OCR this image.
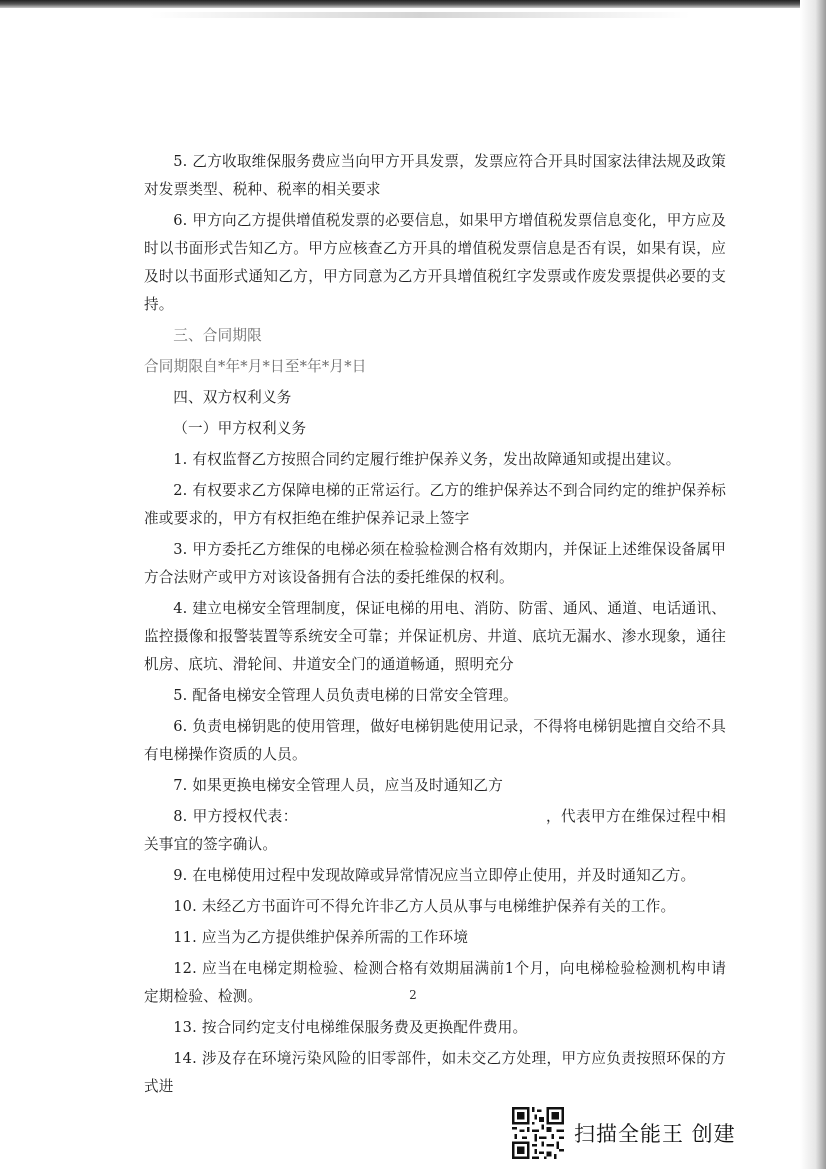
5. 乙方收取维保服务费应当向甲方开具发票，发票应符合开具时国家法律法规及政策对发票类型、税种、税率的相关要求

6. 甲方向乙方提供增值税发票的必要信息，如果甲方增值税发票信息变化，甲方应及时以书面形式告知乙方。甲方应核查乙方开具的增值税发票信息是否有误，如果有误，应及时以书面形式通知乙方，甲方同意为乙方开具增值税红字发票或作废发票提供必要的支持。

三、合同期限

合同期限自*年*月*日至*年*月*日

四、双方权利义务

（一）甲方权利义务

1. 有权监督乙方按照合同约定履行维护保养义务，发出故障通知或提出建议。

2. 有权要求乙方保障电梯的正常运行。乙方的维护保养达不到合同约定的维护保养标准或要求的，甲方有权拒绝在维护保养记录上签字

3. 甲方委托乙方维保的电梯必须在检验检测合格有效期内，并保证上述维保设备属甲方合法财产或甲方对该设备拥有合法的委托维保的权利。

4. 建立电梯安全管理制度，保证电梯的用电、消防、防雷、通风、通道、电话通讯、监控摄像和报警装置等系统安全可靠；并保证机房、井道、底坑无漏水、渗水现象，通往机房、底坑、滑轮间、井道安全门的通道畅通，照明充分

5. 配备电梯安全管理人员负责电梯的日常安全管理。

6. 负责电梯钥匙的使用管理，做好电梯钥匙使用记录，不得将电梯钥匙擅自交给不具有电梯操作资质的人员。

7. 如果更换电梯安全管理人员，应当及时通知乙方

8. 甲方授权代表：	，代表甲方在维保过程中相关事宜的签字确认。

9. 在电梯使用过程中发现故障或异常情况应当立即停止使用，并及时通知乙方。

10. 未经乙方书面许可不得允许非乙方人员从事与电梯维护保养有关的工作。

11. 应当为乙方提供维护保养所需的工作环境

12. 应当在电梯定期检验、检测合格有效期届满前1个月，向电梯检验检测机构申请定期检验、检测。

13. 按合同约定支付电梯维保服务费及更换配件费用。

14. 涉及存在环境污染风险的旧零部件，如未交乙方处理，甲方应负责按照环保的方式进

2
扫描全能王 创建
